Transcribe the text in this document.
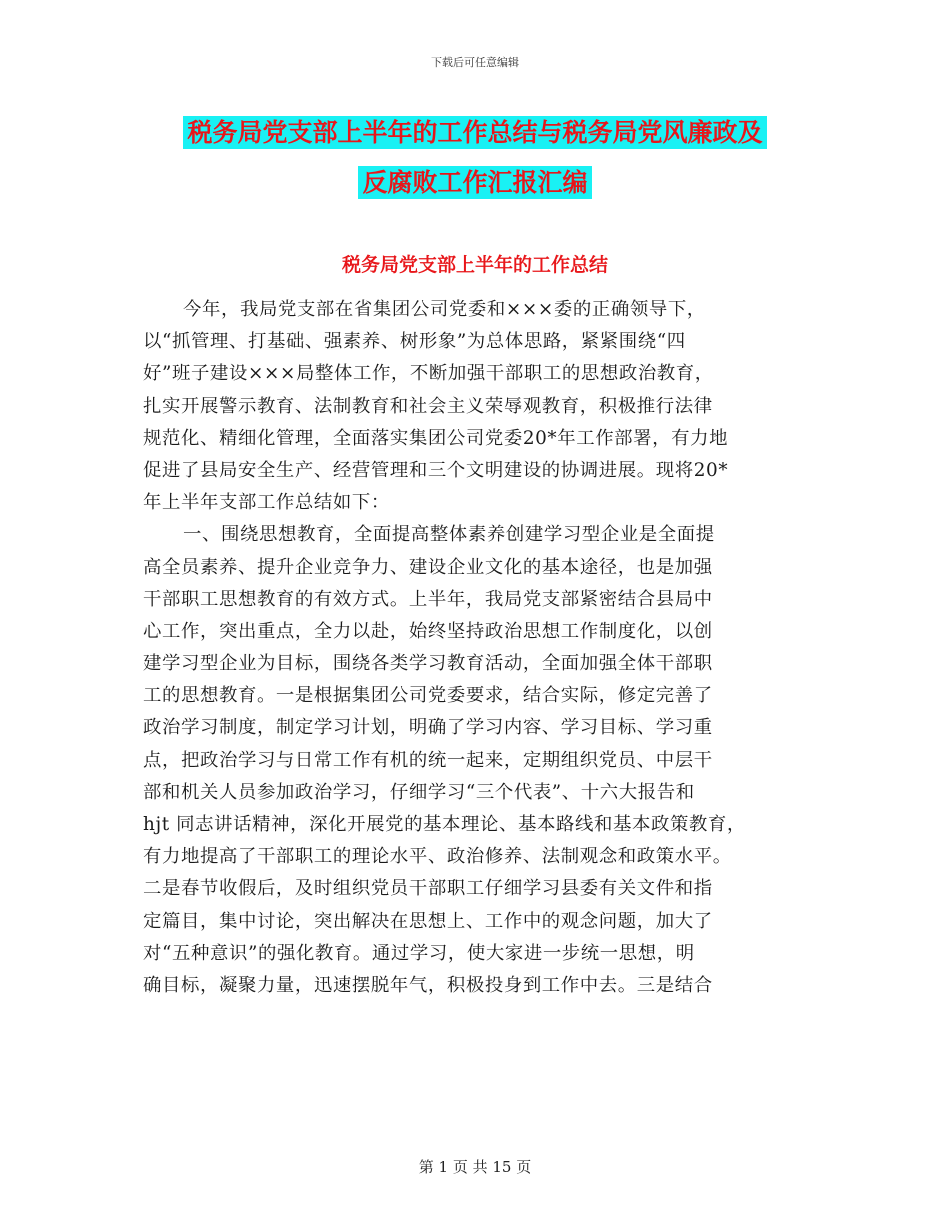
下载后可任意编辑
税务局党支部上半年的工作总结与税务局党风廉政及
反腐败工作汇报汇编
税务局党支部上半年的工作总结
今年，我局党支部在省集团公司党委和×××委的正确领导下，
以“抓管理、打基础、强素养、树形象”为总体思路，紧紧围绕“四
好”班子建设×××局整体工作，不断加强干部职工的思想政治教育，
扎实开展警示教育、法制教育和社会主义荣辱观教育，积极推行法律
规范化、精细化管理，全面落实集团公司党委20*年工作部署，有力地
促进了县局安全生产、经营管理和三个文明建设的协调进展。现将20*
年上半年支部工作总结如下：
一、围绕思想教育，全面提高整体素养创建学习型企业是全面提
高全员素养、提升企业竞争力、建设企业文化的基本途径，也是加强
干部职工思想教育的有效方式。上半年，我局党支部紧密结合县局中
心工作，突出重点，全力以赴，始终坚持政治思想工作制度化，以创
建学习型企业为目标，围绕各类学习教育活动，全面加强全体干部职
工的思想教育。一是根据集团公司党委要求，结合实际，修定完善了
政治学习制度，制定学习计划，明确了学习内容、学习目标、学习重
点，把政治学习与日常工作有机的统一起来，定期组织党员、中层干
部和机关人员参加政治学习，仔细学习“三个代表”、十六大报告和
hjt 同志讲话精神，深化开展党的基本理论、基本路线和基本政策教育，
有力地提高了干部职工的理论水平、政治修养、法制观念和政策水平。
二是春节收假后，及时组织党员干部职工仔细学习县委有关文件和指
定篇目，集中讨论，突出解决在思想上、工作中的观念问题，加大了
对“五种意识”的强化教育。通过学习，使大家进一步统一思想，明
确目标，凝聚力量，迅速摆脱年气，积极投身到工作中去。三是结合
第 1 页 共 15 页
